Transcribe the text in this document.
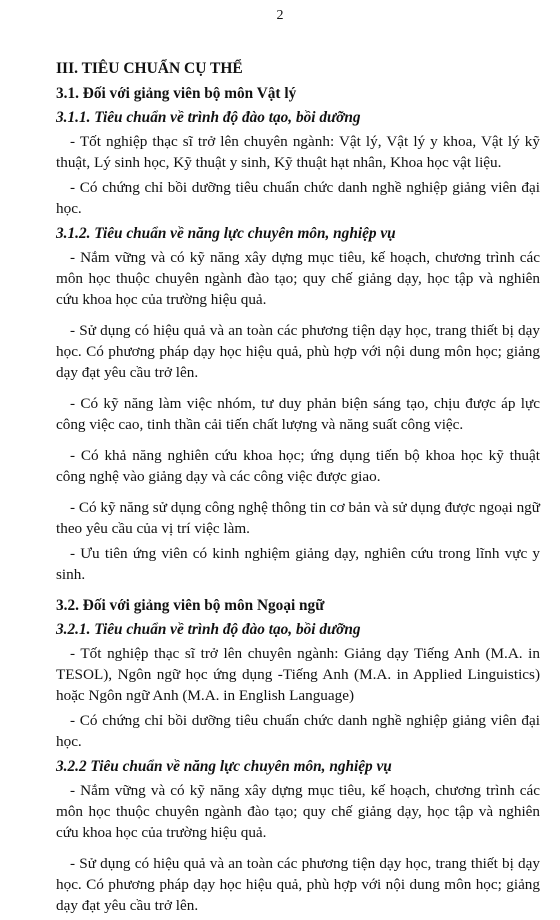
2
III. TIÊU CHUẨN CỤ THỂ
3.1. Đối với giảng viên bộ môn Vật lý
3.1.1. Tiêu chuẩn về trình độ đào tạo, bồi dưỡng

- Tốt nghiệp thạc sĩ trở lên chuyên ngành: Vật lý, Vật lý y khoa, Vật lý kỹ thuật, Lý sinh học, Kỹ thuật y sinh, Kỹ thuật hạt nhân, Khoa học vật liệu.

- Có chứng chỉ bồi dưỡng tiêu chuẩn chức danh nghề nghiệp giảng viên đại học.

3.1.2. Tiêu chuẩn về năng lực chuyên môn, nghiệp vụ

- Nắm vững và có kỹ năng xây dựng mục tiêu, kế hoạch, chương trình các môn học thuộc chuyên ngành đào tạo; quy chế giảng dạy, học tập và nghiên cứu khoa học của trường hiệu quả.

- Sử dụng có hiệu quả và an toàn các phương tiện dạy học, trang thiết bị dạy học. Có phương pháp dạy học hiệu quả, phù hợp với nội dung môn học; giảng dạy đạt yêu cầu trở lên.

- Có kỹ năng làm việc nhóm, tư duy phản biện sáng tạo, chịu được áp lực công việc cao, tinh thần cải tiến chất lượng và năng suất công việc.

- Có khả năng nghiên cứu khoa học; ứng dụng tiến bộ khoa học kỹ thuật công nghệ vào giảng dạy và các công việc được giao.

- Có kỹ năng sử dụng công nghệ thông tin cơ bản và sử dụng được ngoại ngữ theo yêu cầu của vị trí việc làm.

- Ưu tiên ứng viên có kinh nghiệm giảng dạy, nghiên cứu trong lĩnh vực y sinh.

3.2. Đối với giảng viên bộ môn Ngoại ngữ
3.2.1. Tiêu chuẩn về trình độ đào tạo, bồi dưỡng

- Tốt nghiệp thạc sĩ trở lên chuyên ngành: Giảng dạy Tiếng Anh (M.A. in TESOL), Ngôn ngữ học ứng dụng -Tiếng Anh (M.A. in Applied Linguistics) hoặc Ngôn ngữ Anh (M.A. in English Language)

- Có chứng chỉ bồi dưỡng tiêu chuẩn chức danh nghề nghiệp giảng viên đại học.

3.2.2 Tiêu chuẩn về năng lực chuyên môn, nghiệp vụ

- Nắm vững và có kỹ năng xây dựng mục tiêu, kế hoạch, chương trình các môn học thuộc chuyên ngành đào tạo; quy chế giảng dạy, học tập và nghiên cứu khoa học của trường hiệu quả.

- Sử dụng có hiệu quả và an toàn các phương tiện dạy học, trang thiết bị dạy học. Có phương pháp dạy học hiệu quả, phù hợp với nội dung môn học; giảng dạy đạt yêu cầu trở lên.
